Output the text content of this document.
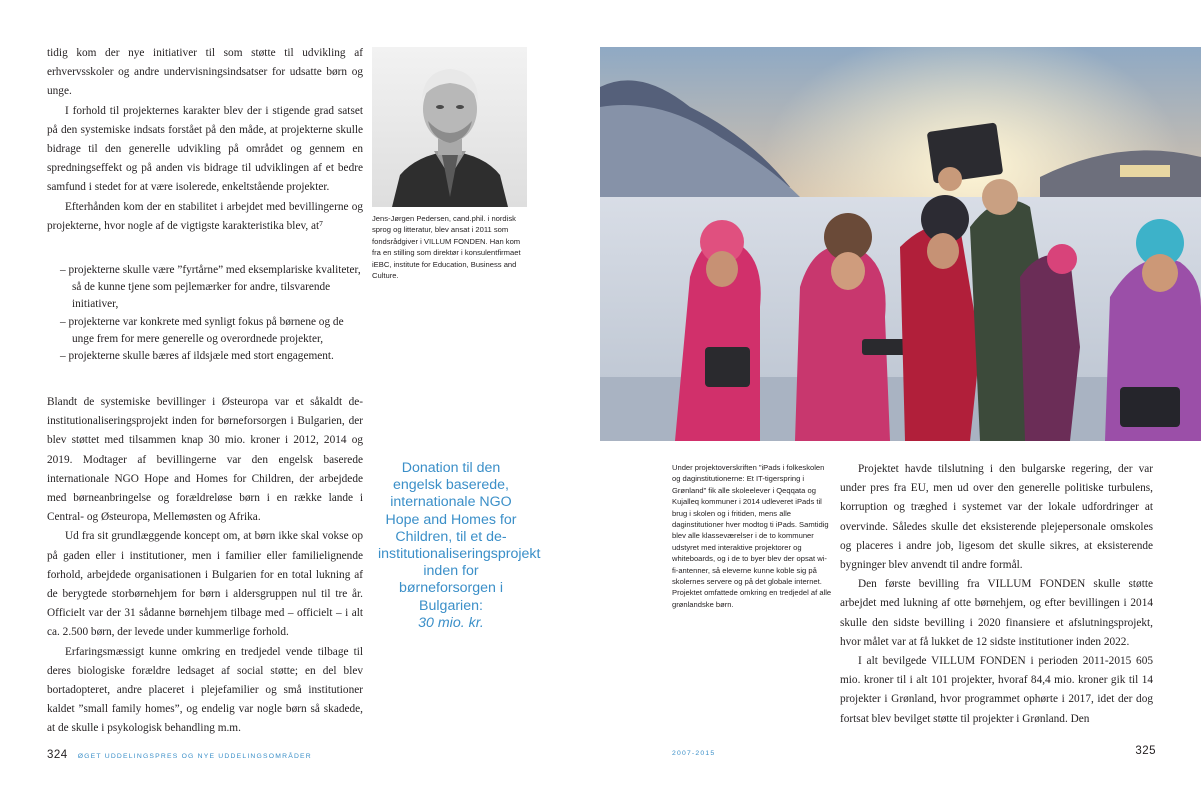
tidig kom der nye initiativer til som støtte til udvikling af erhvervsskoler og andre undervisningsindsatser for udsatte børn og unge.

I forhold til projekternes karakter blev der i stigende grad satset på den systemiske indsats forstået på den måde, at projekterne skulle bidrage til den generelle udvikling på området og gennem en spredningseffekt og på anden vis bidrage til udviklingen af et bedre samfund i stedet for at være isolerede, enkeltstående projekter.

Efterhånden kom der en stabilitet i arbejdet med bevillingerne og projekterne, hvor nogle af de vigtigste karakteristika blev, at⁷

– projekterne skulle være ”fyrtårne” med eksemplariske kvaliteter, så de kunne tjene som pejlemærker for andre, tilsvarende initiativer,
– projekterne var konkrete med synligt fokus på børnene og de unge frem for mere generelle og overordnede projekter,
– projekterne skulle bæres af ildsjæle med stort engagement.

Blandt de systemiske bevillinger i Østeuropa var et såkaldt de-institutionaliseringsprojekt inden for børneforsorgen i Bulgarien, der blev støttet med tilsammen knap 30 mio. kroner i 2012, 2014 og 2019. Modtager af bevillingerne var den engelsk baserede internationale NGO Hope and Homes for Children, der arbejdede med børneanbringelse og forældreløse børn i en række lande i Central- og Østeuropa, Mellemøsten og Afrika.

Ud fra sit grundlæggende koncept om, at børn ikke skal vokse op på gaden eller i institutioner, men i familier eller familielignende forhold, arbejdede organisationen i Bulgarien for en total lukning af de berygtede storbørnehjem for børn i aldersgruppen nul til tre år. Officielt var der 31 sådanne børnehjem tilbage med – officielt – i alt ca. 2.500 børn, der levede under kummerlige forhold.

Erfaringsmæssigt kunne omkring en tredjedel vende tilbage til deres biologiske forældre ledsaget af social støtte; en del blev bortadopteret, andre placeret i plejefamilier og små institutioner kaldet ”small family homes”, og endelig var nogle børn så skadede, at de skulle i psykologisk behandling m.m.

Jens-Jørgen Pedersen, cand.phil. i nordisk sprog og litteratur, blev ansat i 2011 som fondsrådgiver i VILLUM FONDEN. Han kom fra en stilling som direktør i konsulentfirmaet iEBC, institute for Education, Business and Culture.
Donation til den engelsk baserede, internationale NGO Hope and Homes for Children, til et de-institutionaliseringsprojekt inden for børneforsorgen i Bulgarien:
30 mio. kr.
324 ØGET UDDELINGSPRES OG NYE UDDELINGSOMRÅDER
Under projektoverskriften ”iPads i folkeskolen og daginstitutionerne: Et IT-tigerspring i Grønland” fik alle skoleelever i Qeqqata og Kujalleq kommuner i 2014 udleveret iPads til brug i skolen og i fritiden, mens alle daginstitutioner hver modtog ti iPads. Samtidig blev alle klasseværelser i de to kommuner udstyret med interaktive projektorer og whiteboards, og i de to byer blev der opsat wi-fi-antenner, så eleverne kunne koble sig på skolernes servere og på det globale internet. Projektet omfattede omkring en tredjedel af alle grønlandske børn.

Projektet havde tilslutning i den bulgarske regering, der var under pres fra EU, men ud over den generelle politiske turbulens, korruption og træghed i systemet var der lokale udfordringer at overvinde. Således skulle det eksisterende plejepersonale omskoles og placeres i andre job, ligesom det skulle sikres, at eksisterende bygninger blev anvendt til andre formål.

Den første bevilling fra VILLUM FONDEN skulle støtte arbejdet med lukning af otte børnehjem, og efter bevillingen i 2014 skulle den sidste bevilling i 2020 finansiere et afslutningsprojekt, hvor målet var at få lukket de 12 sidste institutioner inden 2022.

I alt bevilgede VILLUM FONDEN i perioden 2011-2015 605 mio. kroner til i alt 101 projekter, hvoraf 84,4 mio. kroner gik til 14 projekter i Grønland, hvor programmet ophørte i 2017, idet der dog fortsat blev bevilget støtte til projekter i Grønland. Den

2007-2015	325
